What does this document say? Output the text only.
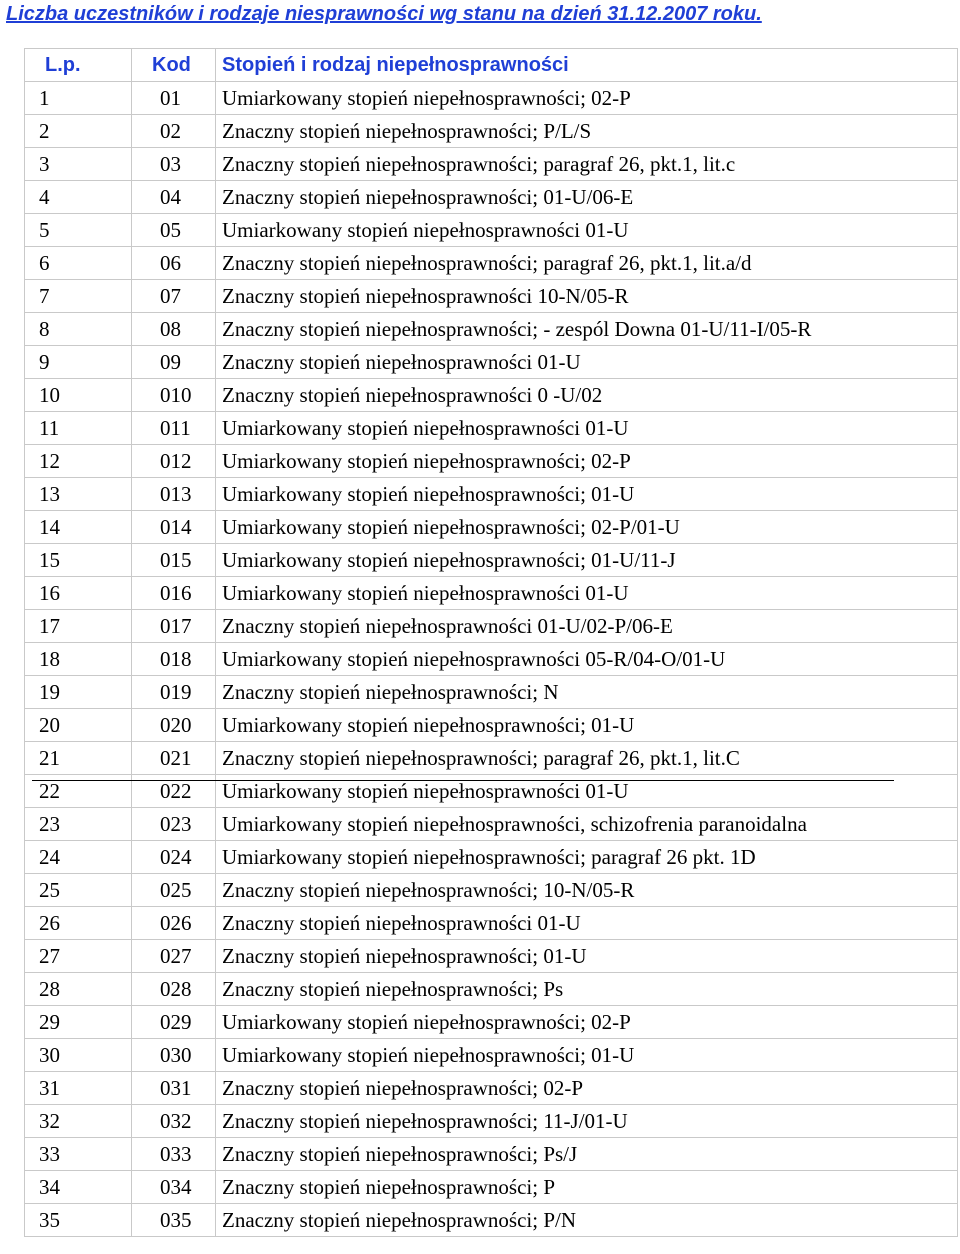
Liczba uczestników i rodzaje niesprawności wg stanu na dzień 31.12.2007 roku.
L.p.	Kod	Stopień i rodzaj niepełnosprawności
1	01	Umiarkowany stopień niepełnosprawności; 02-P
2	02	Znaczny stopień niepełnosprawności; P/L/S
3	03	Znaczny stopień niepełnosprawności; paragraf 26, pkt.1, lit.c
4	04	Znaczny stopień niepełnosprawności; 01-U/06-E
5	05	Umiarkowany stopień niepełnosprawności 01-U
6	06	Znaczny stopień niepełnosprawności; paragraf 26, pkt.1, lit.a/d
7	07	Znaczny stopień niepełnosprawności 10-N/05-R
8	08	Znaczny stopień niepełnosprawności; - zespól Downa 01-U/11-I/05-R
9	09	Znaczny stopień niepełnosprawności 01-U
10	010	Znaczny stopień niepełnosprawności 0 -U/02
11	011	Umiarkowany stopień niepełnosprawności 01-U
12	012	Umiarkowany stopień niepełnosprawności; 02-P
13	013	Umiarkowany stopień niepełnosprawności; 01-U
14	014	Umiarkowany stopień niepełnosprawności; 02-P/01-U
15	015	Umiarkowany stopień niepełnosprawności; 01-U/11-J
16	016	Umiarkowany stopień niepełnosprawności 01-U
17	017	Znaczny stopień niepełnosprawności 01-U/02-P/06-E
18	018	Umiarkowany stopień niepełnosprawności 05-R/04-O/01-U
19	019	Znaczny stopień niepełnosprawności; N
20	020	Umiarkowany stopień niepełnosprawności; 01-U
21	021	Znaczny stopień niepełnosprawności; paragraf 26, pkt.1, lit.C
22	022	Umiarkowany stopień niepełnosprawności 01-U
23	023	Umiarkowany stopień niepełnosprawności, schizofrenia paranoidalna
24	024	Umiarkowany stopień niepełnosprawności; paragraf 26 pkt. 1D
25	025	Znaczny stopień niepełnosprawności; 10-N/05-R
26	026	Znaczny stopień niepełnosprawności 01-U
27	027	Znaczny stopień niepełnosprawności; 01-U
28	028	Znaczny stopień niepełnosprawności; Ps
29	029	Umiarkowany stopień niepełnosprawności; 02-P
30	030	Umiarkowany stopień niepełnosprawności; 01-U
31	031	Znaczny stopień niepełnosprawności; 02-P
32	032	Znaczny stopień niepełnosprawności; 11-J/01-U
33	033	Znaczny stopień niepełnosprawności; Ps/J
34	034	Znaczny stopień niepełnosprawności; P
35	035	Znaczny stopień niepełnosprawności; P/N
